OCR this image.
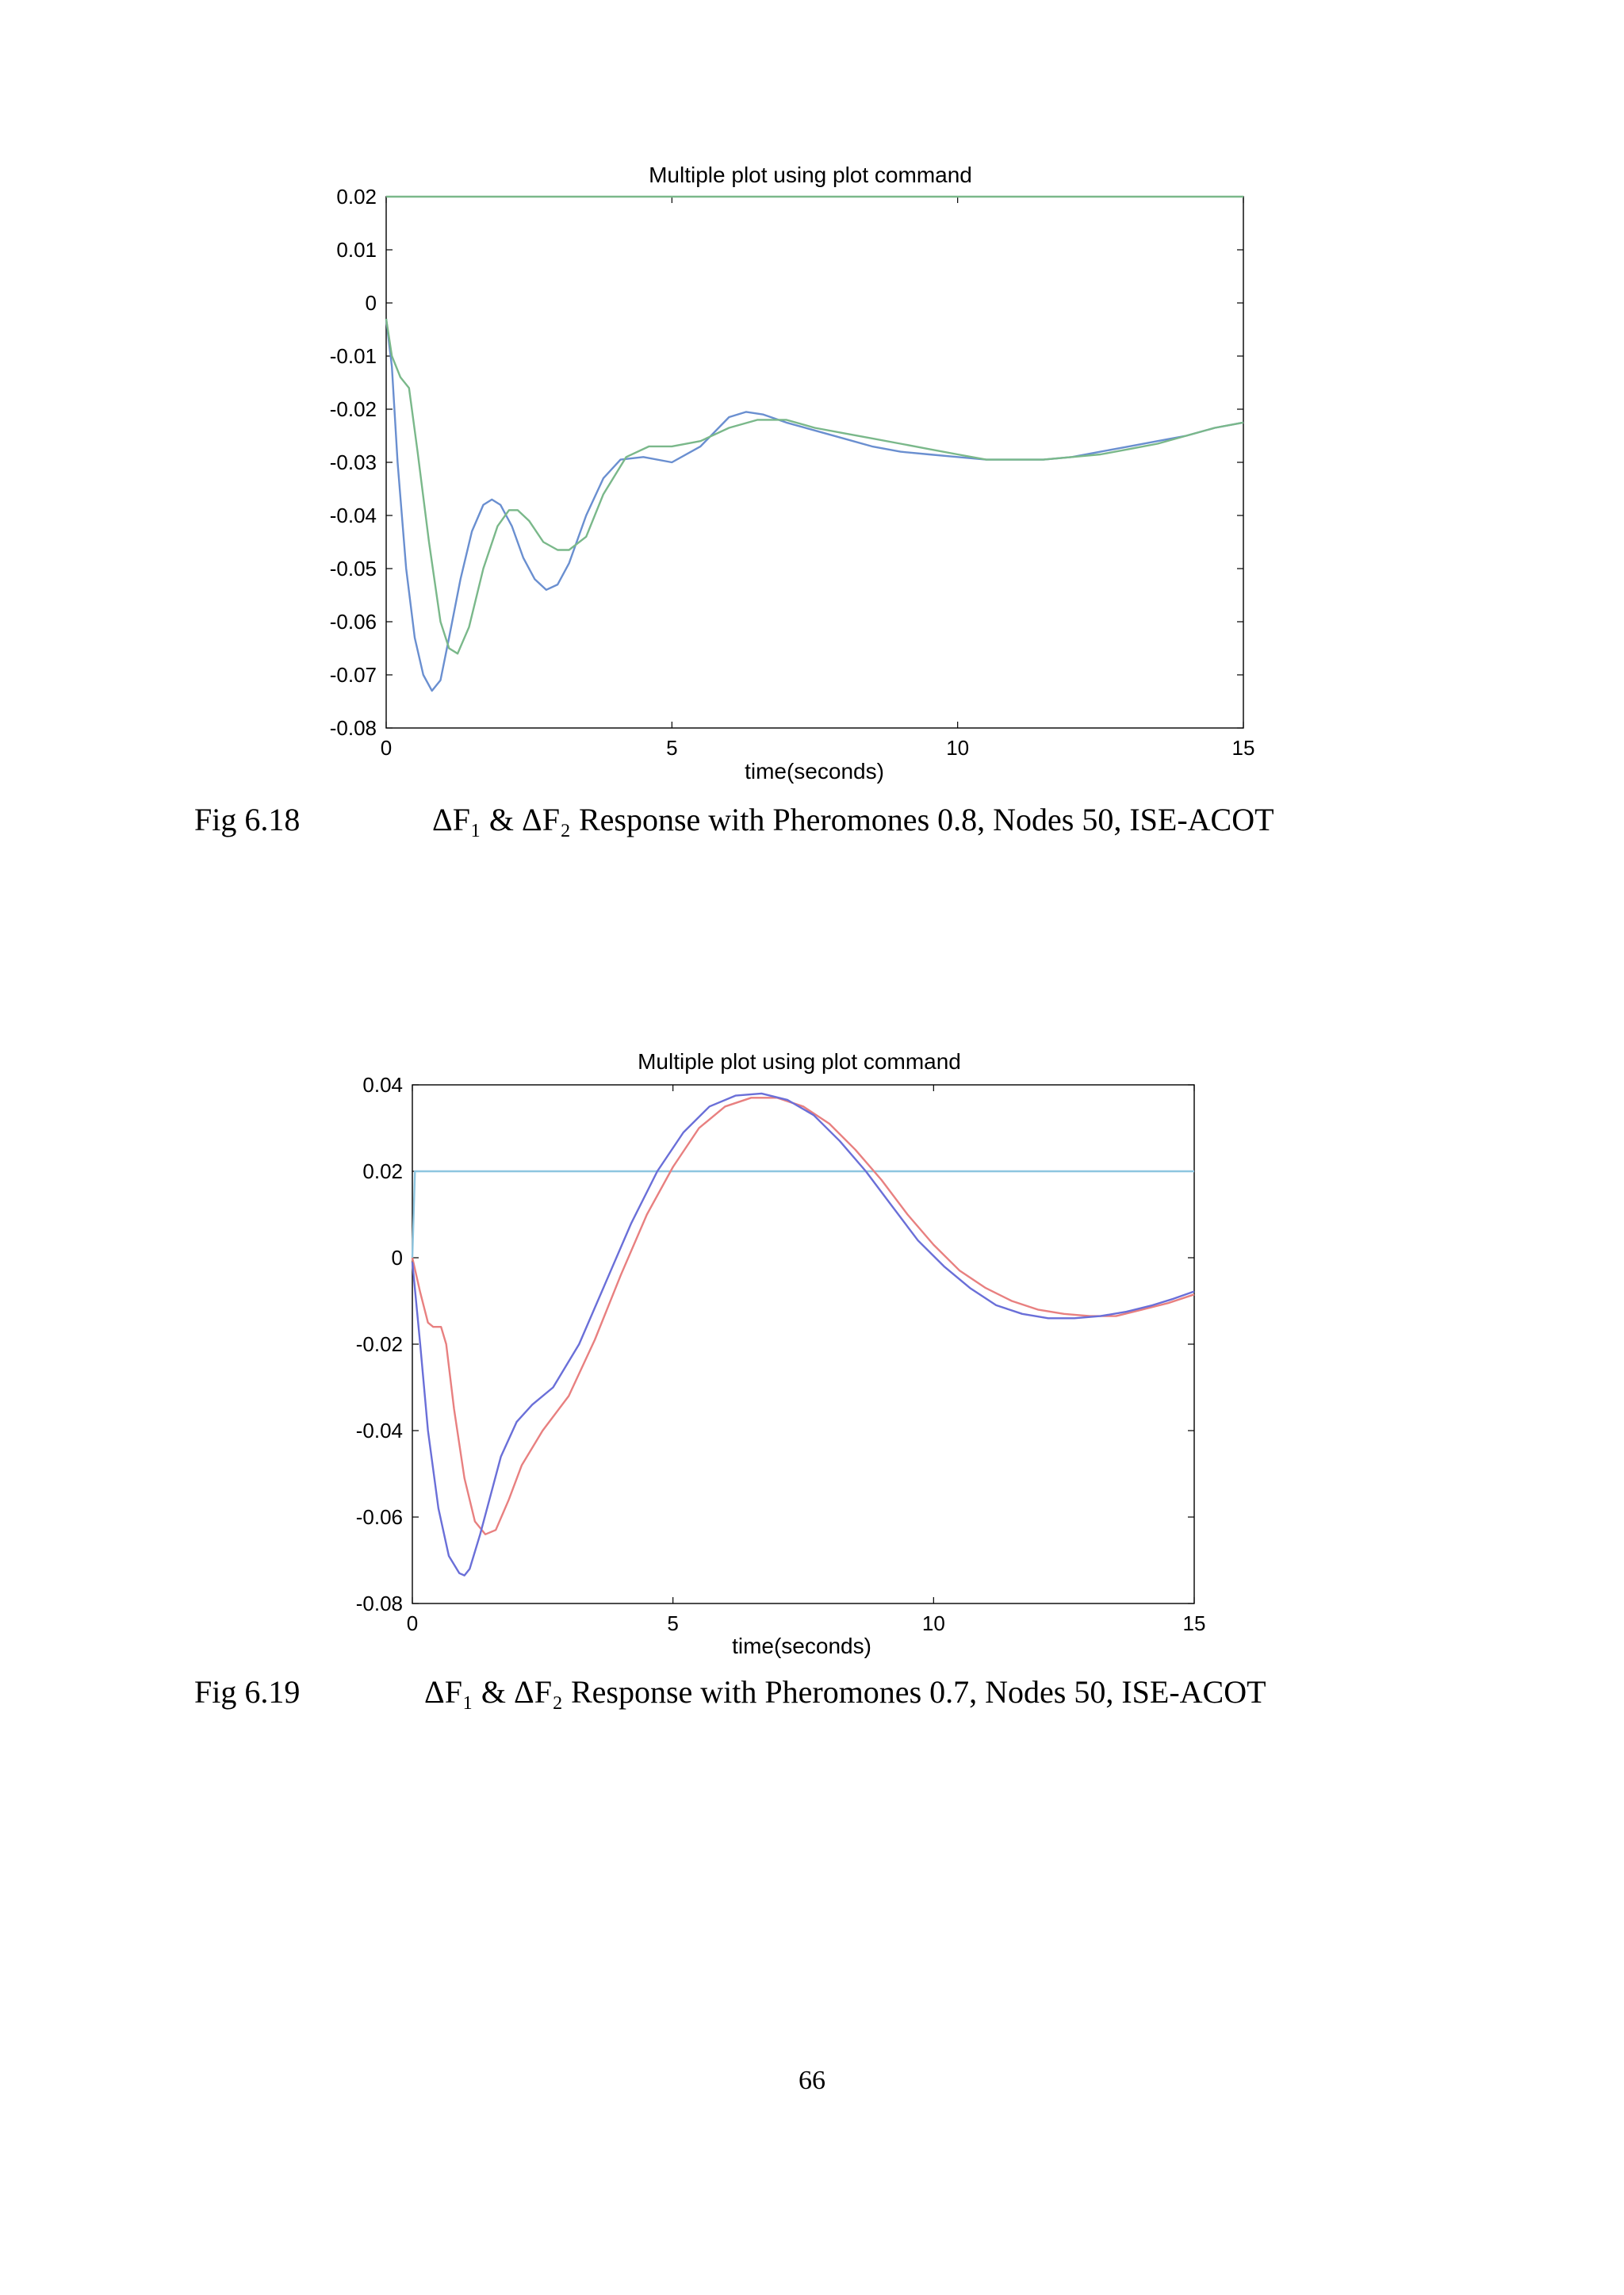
Multiple plot using plot command
-0.08
-0.07
-0.06
-0.05
-0.04
-0.03
-0.02
-0.01
0
0.01
0.02
0	5	10	15
time(seconds)
Fig 6.18	ΔF₁ & ΔF₂ Response with Pheromones 0.8, Nodes 50, ISE-ACOT
Multiple plot using plot command
-0.08
-0.06
-0.04
-0.02
0
0.02
0.04
0	5	10	15
time(seconds)
Fig 6.19	ΔF₁ & ΔF₂ Response with Pheromones 0.7, Nodes 50, ISE-ACOT
66
